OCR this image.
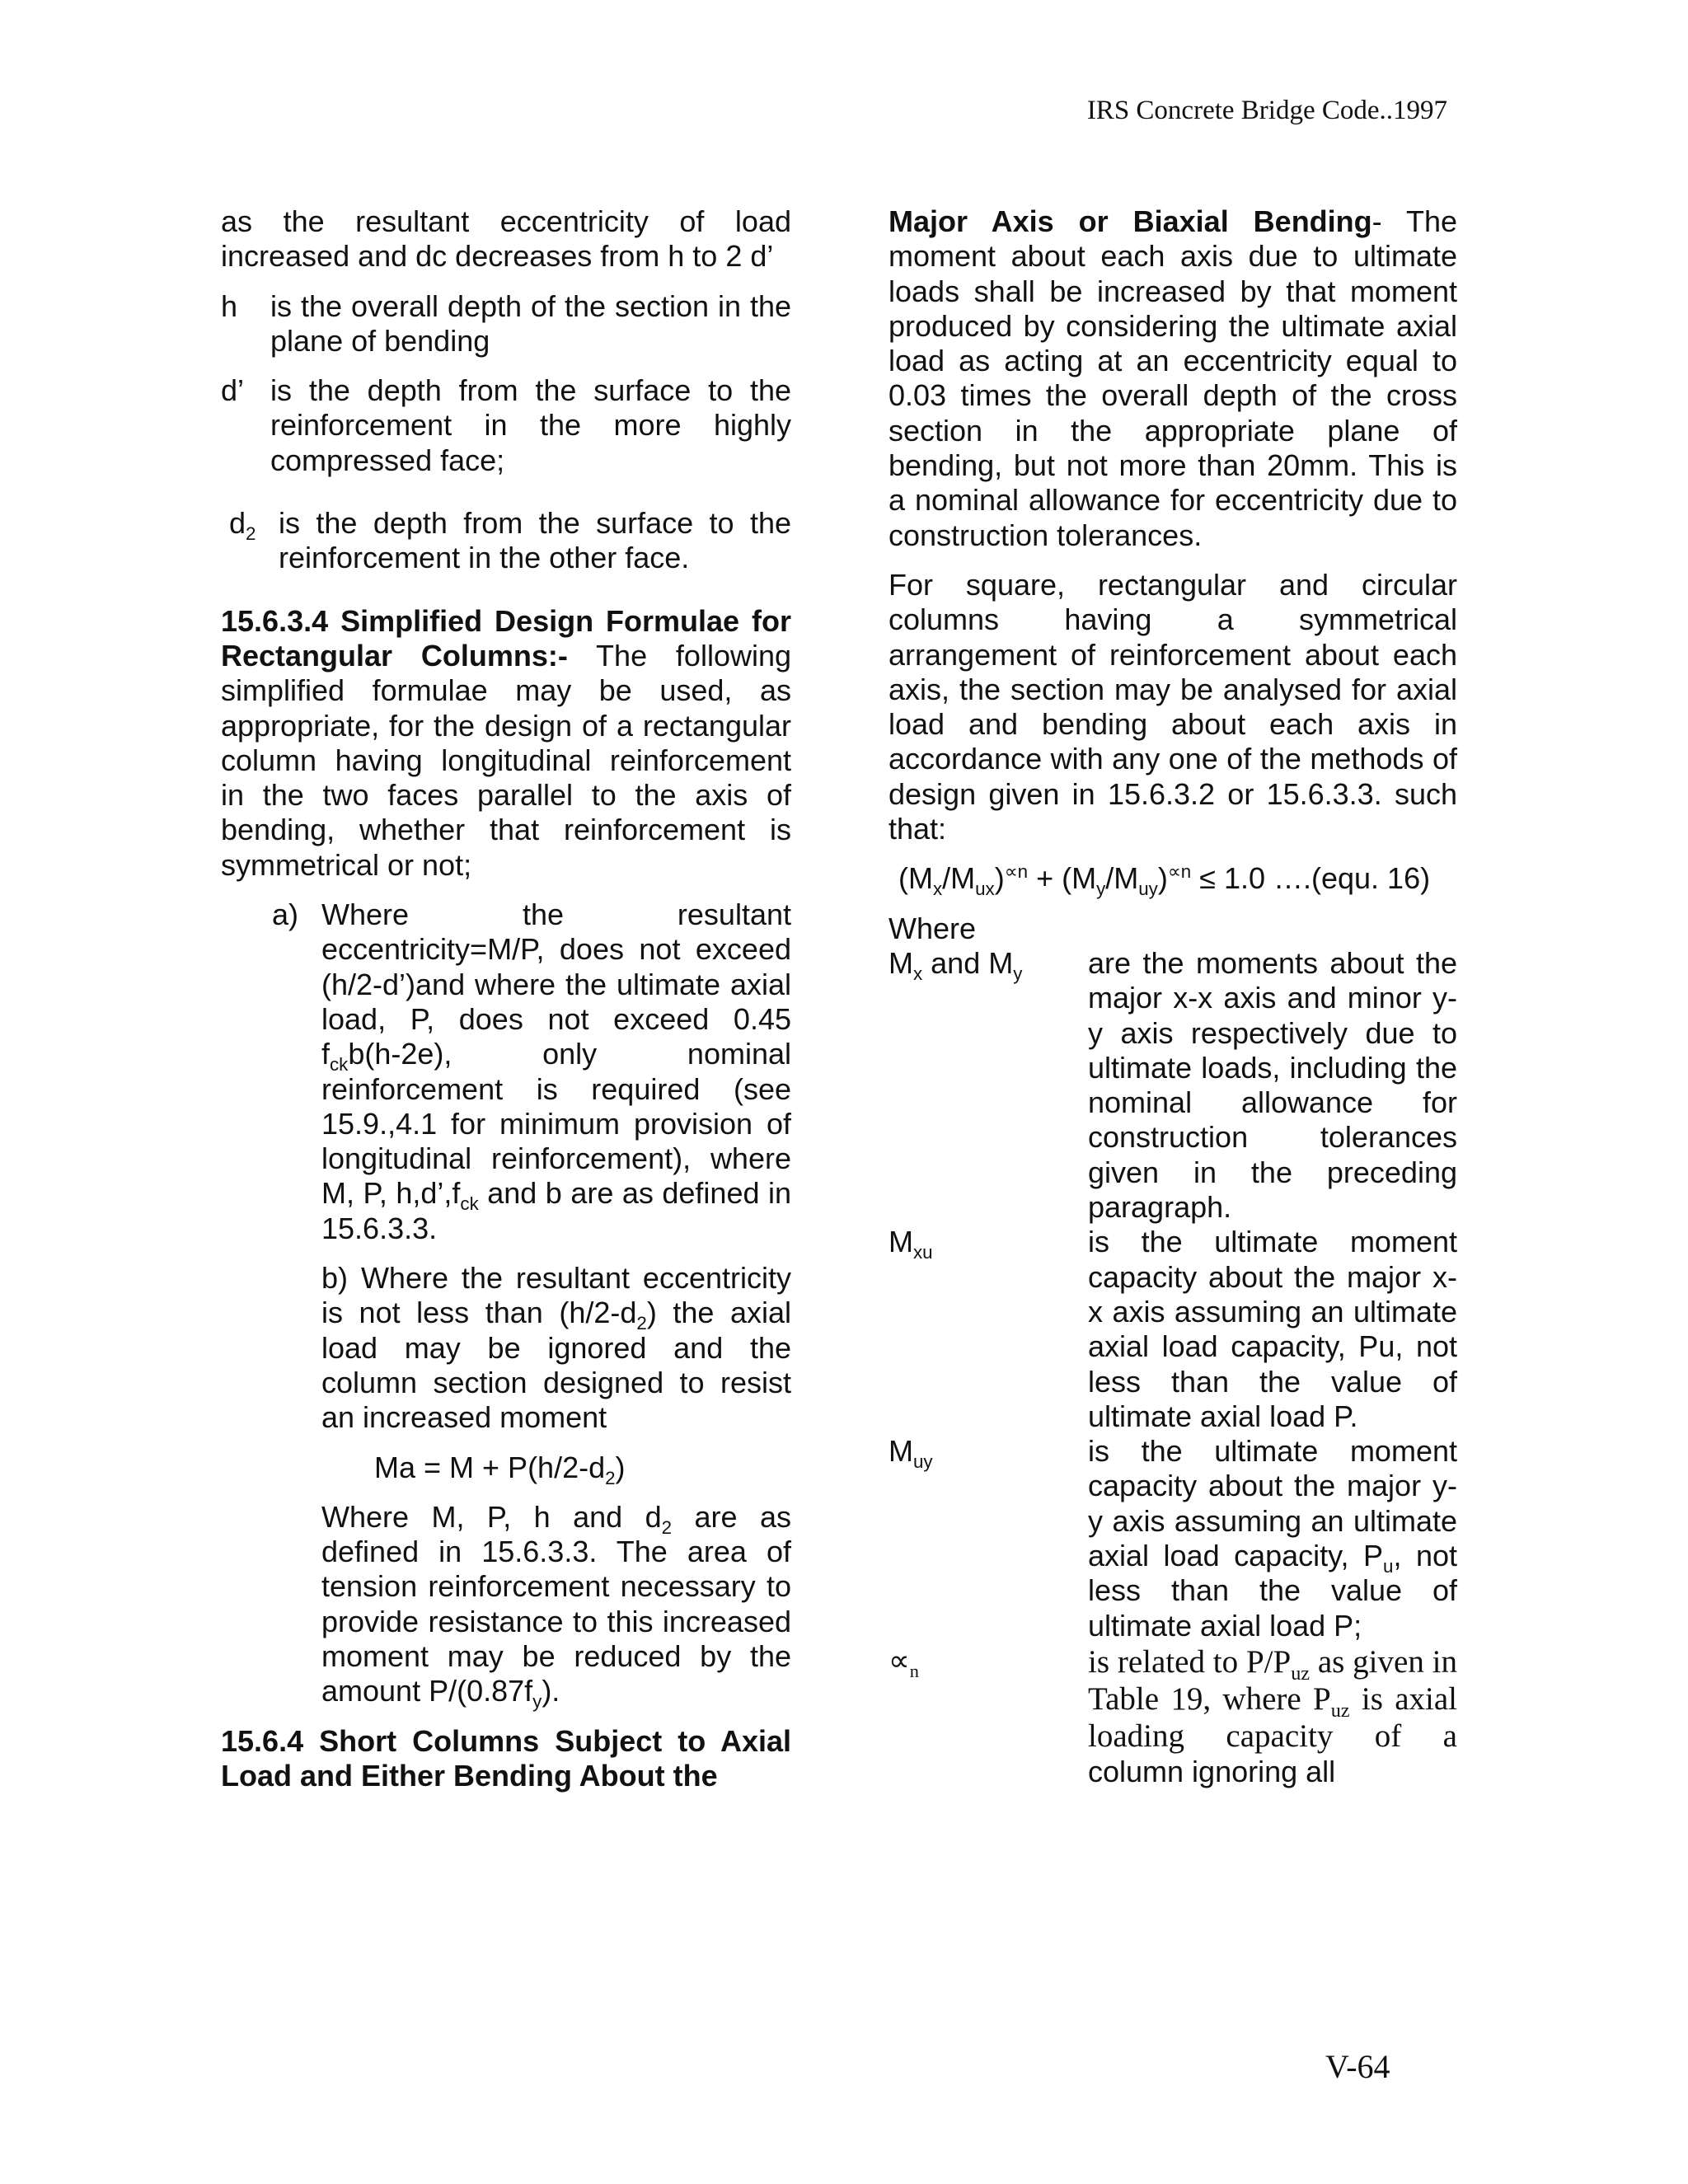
IRS Concrete Bridge Code..1997

as the resultant eccentricity of load increased and dc decreases from h to 2 d’

h	is the overall depth of the section in the plane of bending
d’ is the depth from the surface to the reinforcement in the more highly compressed face;
$d_2$ is the depth from the surface to the reinforcement in the other face.

15.6.3.4 Simplified Design Formulae for Rectangular Columns:- The following simplified formulae may be used, as appropriate, for the design of a rectangular column having longitudinal reinforcement in the two faces parallel to the axis of bending, whether that reinforcement is symmetrical or not;

a) Where the resultant eccentricity=M/P, does not exceed (h/2-d’)and where the ultimate axial load, P, does not exceed 0.45 $f_{ck}b(h-2e)$, only nominal reinforcement is required (see 15.9.,4.1 for minimum provision of longitudinal reinforcement), where M, P, $h,d’,f_{ck}$ and b are as defined in 15.6.3.3.

b) Where the resultant eccentricity is not less than $(h/2-d_2)$ the axial load may be ignored and the column section designed to resist an increased moment

$Ma = M + P(h/2-d_2)$

Where M, P, h and $d_2$ are as defined in 15.6.3.3. The area of tension reinforcement necessary to provide resistance to this increased moment may be reduced by the amount $P/(0.87f_y)$.

15.6.4 Short Columns Subject to Axial Load and Either Bending About the

Major Axis or Biaxial Bending- The moment about each axis due to ultimate loads shall be increased by that moment produced by considering the ultimate axial load as acting at an eccentricity equal to 0.03 times the overall depth of the cross section in the appropriate plane of bending, but not more than 20mm. This is a nominal allowance for eccentricity due to construction tolerances.

For square, rectangular and circular columns having a symmetrical arrangement of reinforcement about each axis, the section may be analysed for axial load and bending about each axis in accordance with any one of the methods of design given in 15.6.3.2 or 15.6.3.3. such that:

$(M_x/M_{ux})^{\propto n} + (M_y/M_{uy})^{\propto n} \le 1.0$ ….(equ. 16)

Where

$M_x$ and $M_y$	are the moments about the major x-x axis and minor y-y axis respectively due to ultimate loads, including the nominal allowance for construction tolerances given in the preceding paragraph.
$M_{xu}$	is the ultimate moment capacity about the major x-x axis assuming an ultimate axial load capacity, Pu, not less than the value of ultimate axial load P.
$M_{uy}$	is the ultimate moment capacity about the major y-y axis assuming an ultimate axial load capacity, $P_u$, not less than the value of ultimate axial load P;
$\propto_n$	is related to $P/P_{uz}$ as given in Table 19, where $P_{uz}$ is axial loading capacity of a column ignoring all
V-64
